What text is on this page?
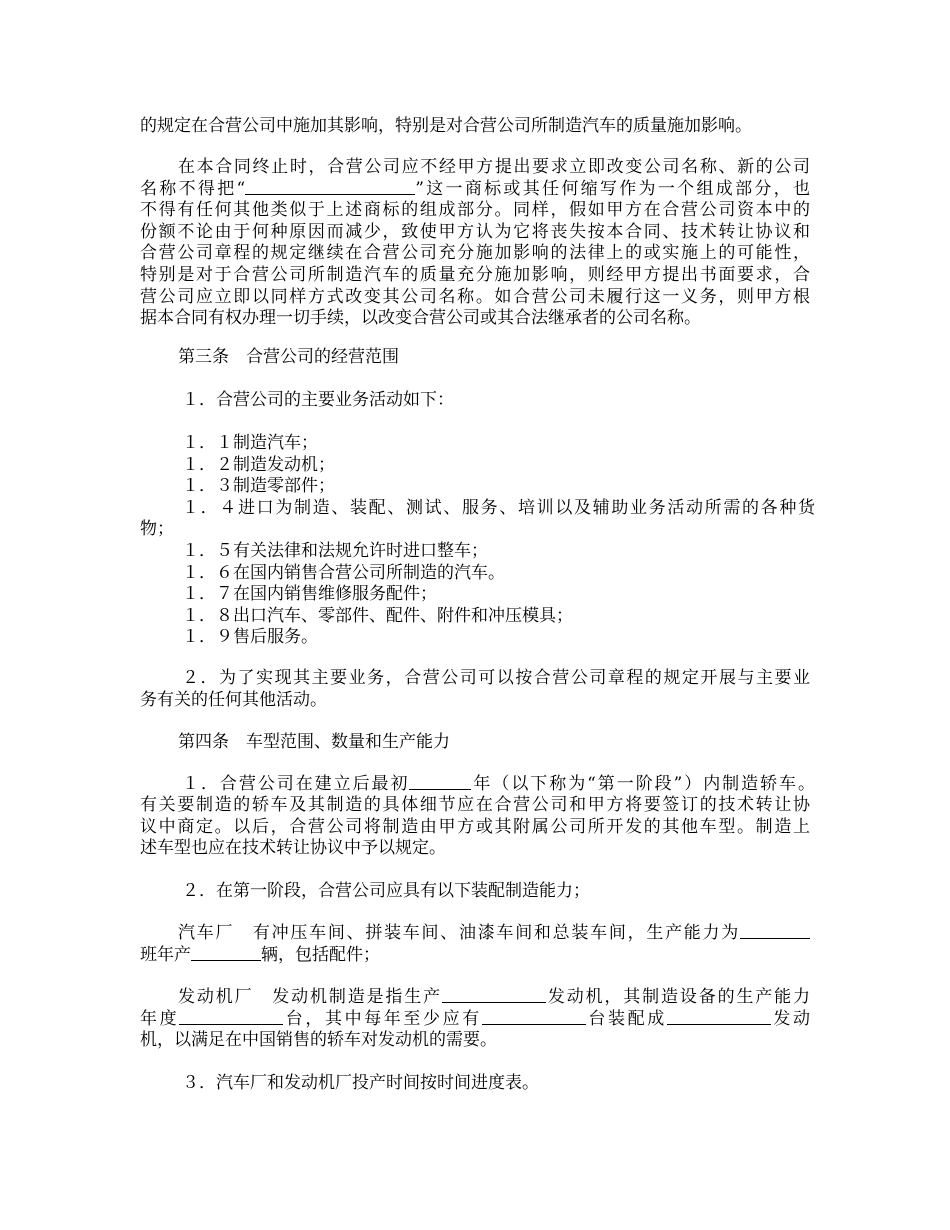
的规定在合营公司中施加其影响，特别是对合营公司所制造汽车的质量施加影响。
在本合同终止时，合营公司应不经甲方提出要求立即改变公司名称、新的公司
名称不得把“	”这一商标或其任何缩写作为一个组成部分，也
不得有任何其他类似于上述商标的组成部分。同样，假如甲方在合营公司资本中的
份额不论由于何种原因而减少，致使甲方认为它将丧失按本合同、技术转让协议和
合营公司章程的规定继续在合营公司充分施加影响的法律上的或实施上的可能性，
特别是对于合营公司所制造汽车的质量充分施加影响，则经甲方提出书面要求，合
营公司应立即以同样方式改变其公司名称。如合营公司未履行这一义务，则甲方根
据本合同有权办理一切手续，以改变合营公司或其合法继承者的公司名称。
第三条　合营公司的经营范围
１．合营公司的主要业务活动如下：
１．１制造汽车；
１．２制造发动机；
１．３制造零部件；
１．４进口为制造、装配、测试、服务、培训以及辅助业务活动所需的各种货
物；
１．５有关法律和法规允许时进口整车；
１．６在国内销售合营公司所制造的汽车。
１．７在国内销售维修服务配件；
１．８出口汽车、零部件、配件、附件和冲压模具；
１．９售后服务。
２．为了实现其主要业务，合营公司可以按合营公司章程的规定开展与主要业
务有关的任何其他活动。
第四条　车型范围、数量和生产能力
１．合营公司在建立后最初	年（以下称为“第一阶段”）内制造轿车。
有关要制造的轿车及其制造的具体细节应在合营公司和甲方将要签订的技术转让协
议中商定。以后，合营公司将制造由甲方或其附属公司所开发的其他车型。制造上
述车型也应在技术转让协议中予以规定。
２．在第一阶段，合营公司应具有以下装配制造能力；
汽车厂　有冲压车间、拼装车间、油漆车间和总装车间，生产能力为
班年产	辆，包括配件；
发动机厂　发动机制造是指生产	发动机，其制造设备的生产能力
年度	台，其中每年至少应有	台装配成	发动
机，以满足在中国销售的轿车对发动机的需要。
３．汽车厂和发动机厂投产时间按时间进度表。
